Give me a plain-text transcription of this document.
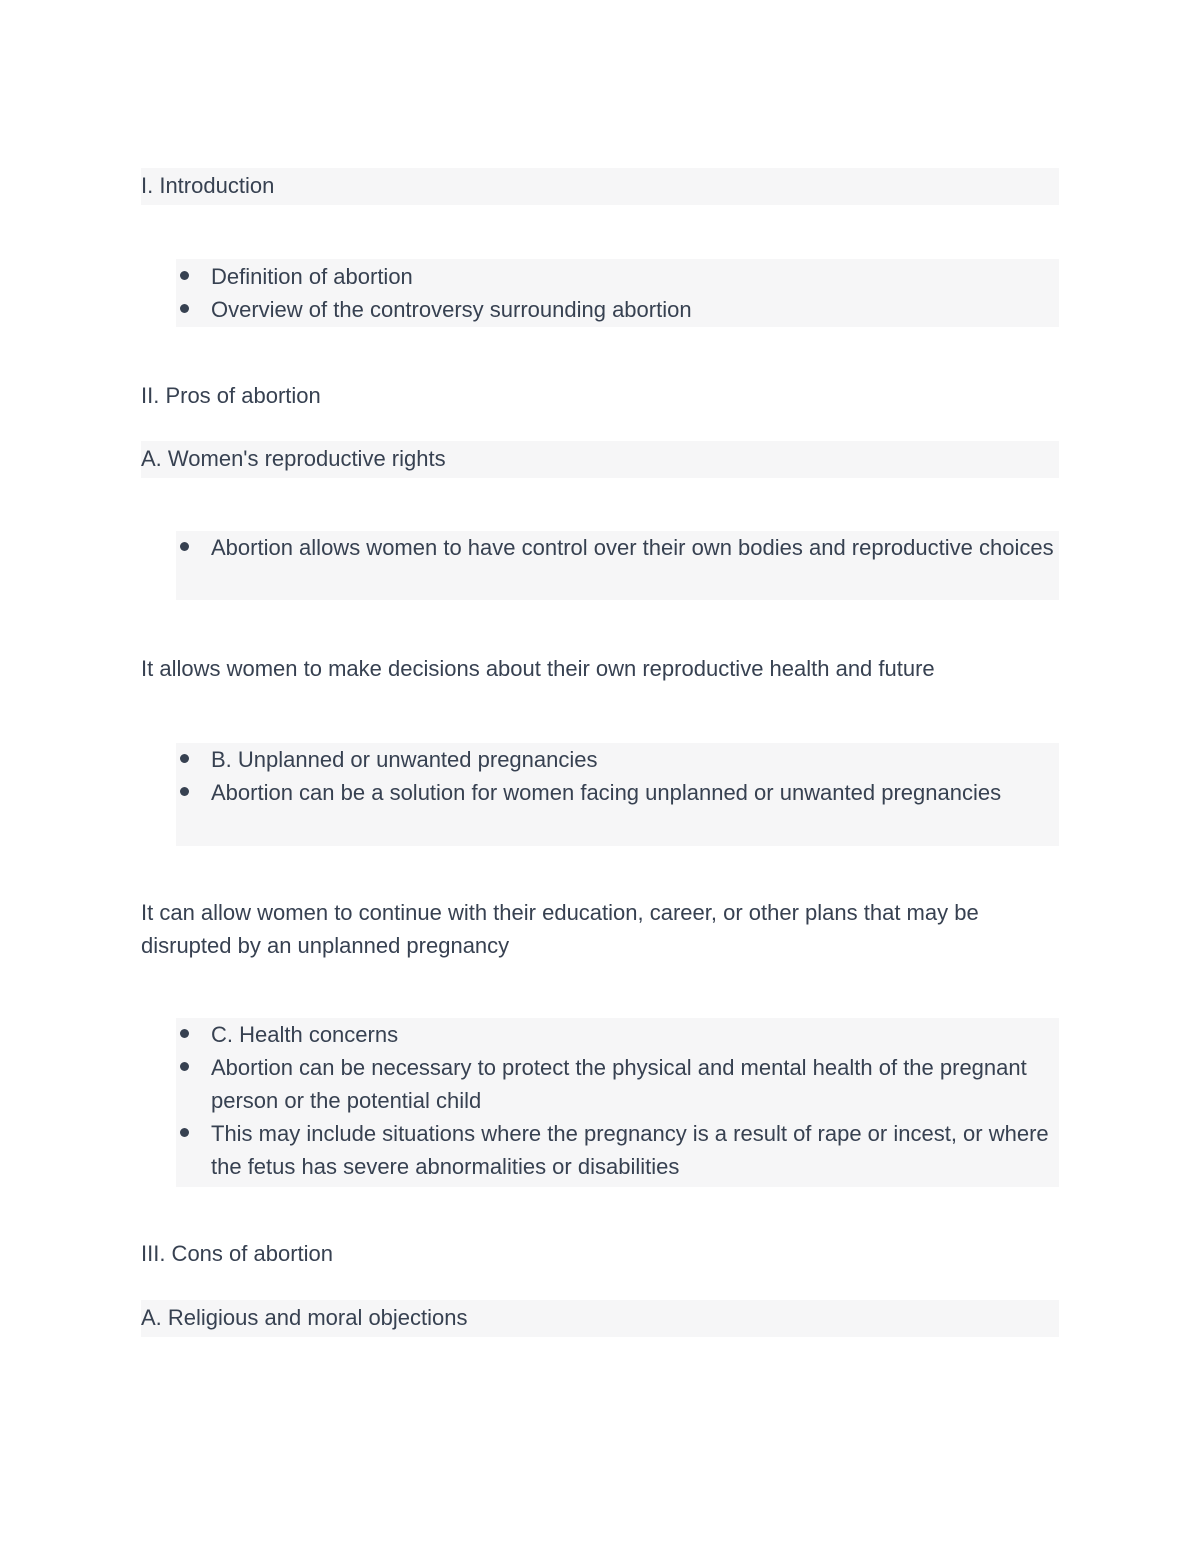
I. Introduction
Definition of abortion
Overview of the controversy surrounding abortion
II. Pros of abortion
A. Women's reproductive rights
Abortion allows women to have control over their own bodies and reproductive choices
It allows women to make decisions about their own reproductive health and future
B. Unplanned or unwanted pregnancies
Abortion can be a solution for women facing unplanned or unwanted pregnancies
It can allow women to continue with their education, career, or other plans that may be disrupted by an unplanned pregnancy
C. Health concerns
Abortion can be necessary to protect the physical and mental health of the pregnant person or the potential child
This may include situations where the pregnancy is a result of rape or incest, or where the fetus has severe abnormalities or disabilities
III. Cons of abortion
A. Religious and moral objections
